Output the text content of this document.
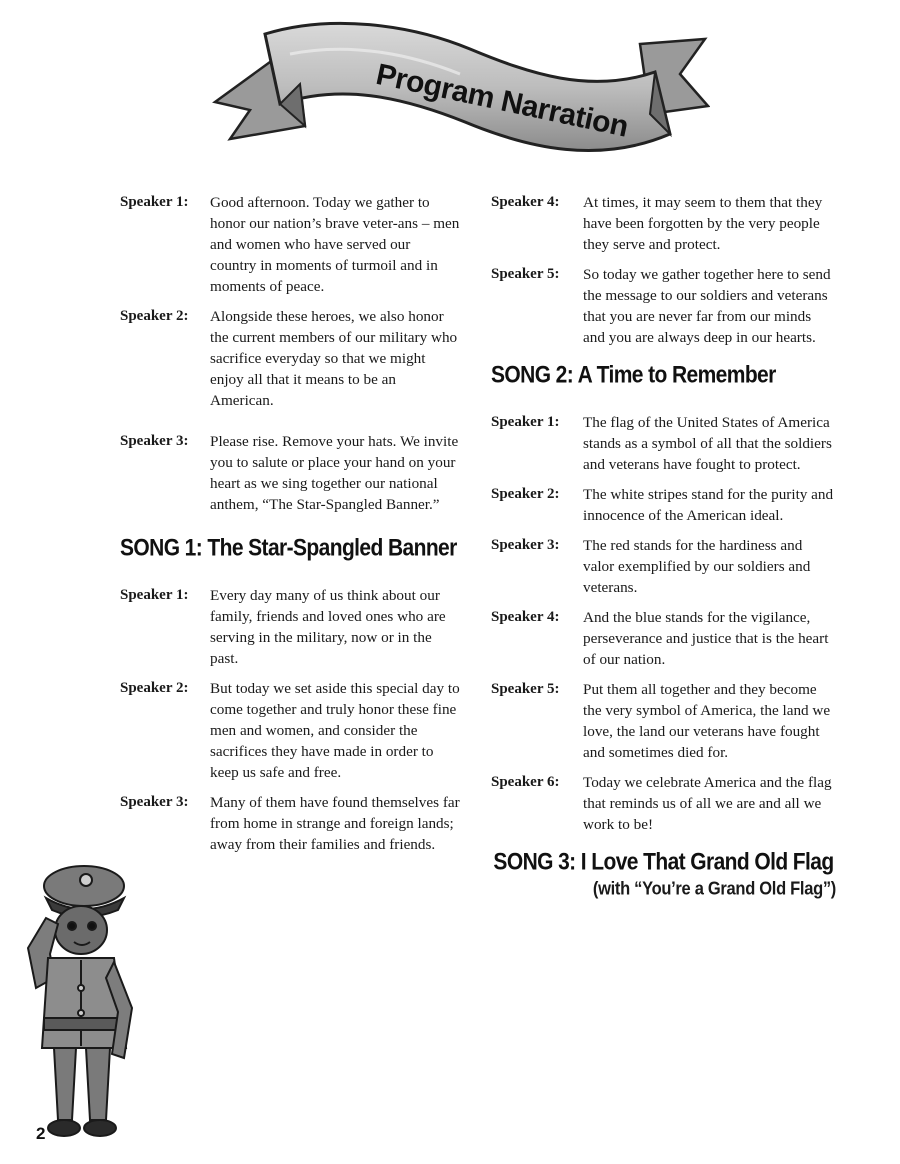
Program Narration
Speaker 1:	Good afternoon. Today we gather to honor our nation’s brave veter-ans – men and women who have served our country in moments of turmoil and in moments of peace.
Speaker 2:	Alongside these heroes, we also honor the current members of our military who sacrifice everyday so that we might enjoy all that it means to be an American.
Speaker 3:	Please rise. Remove your hats. We invite you to salute or place your hand on your heart as we sing together our national anthem, “The Star-Spangled Banner.”
SONG 1: The Star-Spangled Banner
Speaker 1:	Every day many of us think about our family, friends and loved ones who are serving in the military, now or in the past.
Speaker 2:	But today we set aside this special day to come together and truly honor these fine men and women, and consider the sacrifices they have made in order to keep us safe and free.
Speaker 3:	Many of them have found themselves far from home in strange and foreign lands; away from their families and friends.
Speaker 4:	At times, it may seem to them that they have been forgotten by the very people they serve and protect.
Speaker 5:	So today we gather together here to send the message to our soldiers and veterans that you are never far from our minds and you are always deep in our hearts.
SONG 2: A Time to Remember
Speaker 1:	The flag of the United States of America stands as a symbol of all that the soldiers and veterans have fought to protect.
Speaker 2:	The white stripes stand for the purity and innocence of the American ideal.
Speaker 3:	The red stands for the hardiness and valor exemplified by our soldiers and veterans.
Speaker 4:	And the blue stands for the vigilance, perseverance and justice that is the heart of our nation.
Speaker 5:	Put them all together and they become the very symbol of America, the land we love, the land our veterans have fought and sometimes died for.
Speaker 6:	Today we celebrate America and the flag that reminds us of all we are and all we work to be!
SONG 3: I Love That Grand Old Flag
(with “You’re a Grand Old Flag”)
2
